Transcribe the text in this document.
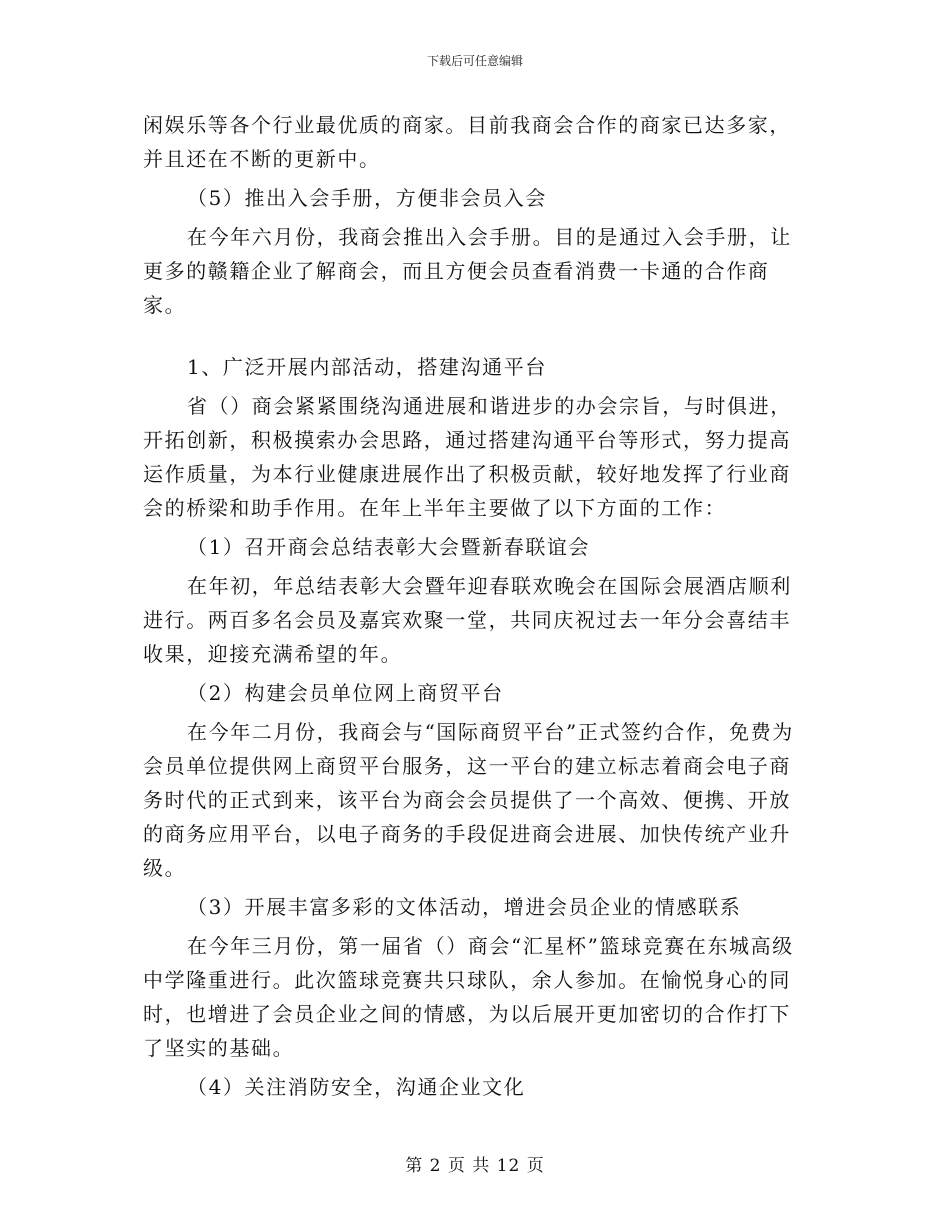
下载后可任意编辑

闲娱乐等各个行业最优质的商家。目前我商会合作的商家已达多家，并且还在不断的更新中。

（5）推出入会手册，方便非会员入会

在今年六月份，我商会推出入会手册。目的是通过入会手册，让更多的赣籍企业了解商会，而且方便会员查看消费一卡通的合作商家。

1、广泛开展内部活动，搭建沟通平台

省（）商会紧紧围绕沟通进展和谐进步的办会宗旨，与时俱进，开拓创新，积极摸索办会思路，通过搭建沟通平台等形式，努力提高运作质量，为本行业健康进展作出了积极贡献，较好地发挥了行业商会的桥梁和助手作用。在年上半年主要做了以下方面的工作：

（1）召开商会总结表彰大会暨新春联谊会

在年初，年总结表彰大会暨年迎春联欢晚会在国际会展酒店顺利进行。两百多名会员及嘉宾欢聚一堂，共同庆祝过去一年分会喜结丰收果，迎接充满希望的年。

（2）构建会员单位网上商贸平台

在今年二月份，我商会与“国际商贸平台”正式签约合作，免费为会员单位提供网上商贸平台服务，这一平台的建立标志着商会电子商务时代的正式到来，该平台为商会会员提供了一个高效、便携、开放的商务应用平台，以电子商务的手段促进商会进展、加快传统产业升级。

（3）开展丰富多彩的文体活动，增进会员企业的情感联系

在今年三月份，第一届省（）商会“汇星杯”篮球竞赛在东城高级中学隆重进行。此次篮球竞赛共只球队，余人参加。在愉悦身心的同时，也增进了会员企业之间的情感，为以后展开更加密切的合作打下了坚实的基础。

（4）关注消防安全，沟通企业文化

第 2 页 共 12 页
